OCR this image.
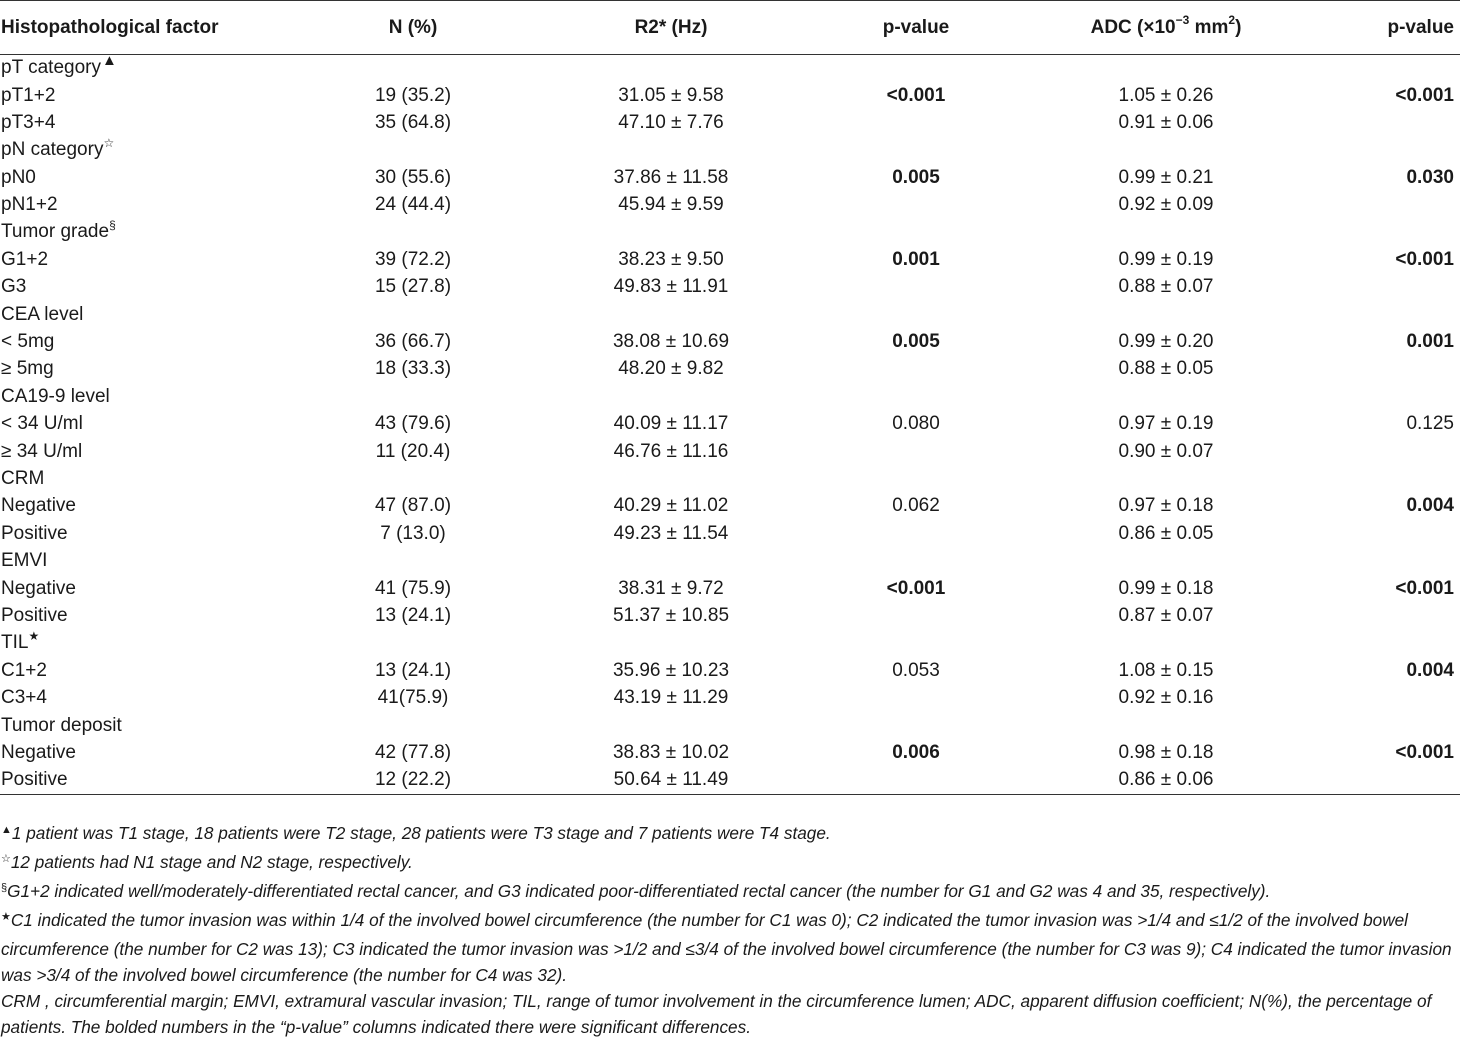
Histopathological factor	N (%)	R2* (Hz)	p-value	ADC ($\times 10^{-3}$ $mm^2$)	p-value
pT category▲
pT1+2	19 (35.2)	31.05 ± 9.58	<0.001	1.05 ± 0.26	<0.001
pT3+4	35 (64.8)	47.10 ± 7.76		0.91 ± 0.06	
pN category☆
pN0	30 (55.6)	37.86 ± 11.58	0.005	0.99 ± 0.21	0.030
pN1+2	24 (44.4)	45.94 ± 9.59		0.92 ± 0.09	
Tumor grade§
G1+2	39 (72.2)	38.23 ± 9.50	0.001	0.99 ± 0.19	<0.001
G3	15 (27.8)	49.83 ± 11.91		0.88 ± 0.07	
CEA level					
< 5mg	36 (66.7)	38.08 ± 10.69	0.005	0.99 ± 0.20	0.001
≥ 5mg	18 (33.3)	48.20 ± 9.82		0.88 ± 0.05	
CA19-9 level					
< 34 U/ml	43 (79.6)	40.09 ± 11.17	0.080	0.97 ± 0.19	0.125
≥ 34 U/ml	11 (20.4)	46.76 ± 11.16		0.90 ± 0.07	
CRM					
Negative	47 (87.0)	40.29 ± 11.02	0.062	0.97 ± 0.18	0.004
Positive	7 (13.0)	49.23 ± 11.54		0.86 ± 0.05	
EMVI					
Negative	41 (75.9)	38.31 ± 9.72	<0.001	0.99 ± 0.18	<0.001
Positive	13 (24.1)	51.37 ± 10.85		0.87 ± 0.07	
TIL★
C1+2	13 (24.1)	35.96 ± 10.23	0.053	1.08 ± 0.15	0.004
C3+4	41(75.9)	43.19 ± 11.29		0.92 ± 0.16	
Tumor deposit					
Negative	42 (77.8)	38.83 ± 10.02	0.006	0.98 ± 0.18	<0.001
Positive	12 (22.2)	50.64 ± 11.49		0.86 ± 0.06	

▲1 patient was T1 stage, 18 patients were T2 stage, 28 patients were T3 stage and 7 patients were T4 stage.

☆12 patients had N1 stage and N2 stage, respectively.

§G1+2 indicated well/moderately-differentiated rectal cancer, and G3 indicated poor-differentiated rectal cancer (the number for G1 and G2 was 4 and 35, respectively).

★C1 indicated the tumor invasion was within 1/4 of the involved bowel circumference (the number for C1 was 0); C2 indicated the tumor invasion was >1/4 and ≤1/2 of the involved bowel circumference (the number for C2 was 13); C3 indicated the tumor invasion was >1/2 and ≤3/4 of the involved bowel circumference (the number for C3 was 9); C4 indicated the tumor invasion was >3/4 of the involved bowel circumference (the number for C4 was 32).

CRM , circumferential margin; EMVI, extramural vascular invasion; TIL, range of tumor involvement in the circumference lumen; ADC, apparent diffusion coefficient; N(%), the percentage of patients. The bolded numbers in the “p-value” columns indicated there were significant differences.
